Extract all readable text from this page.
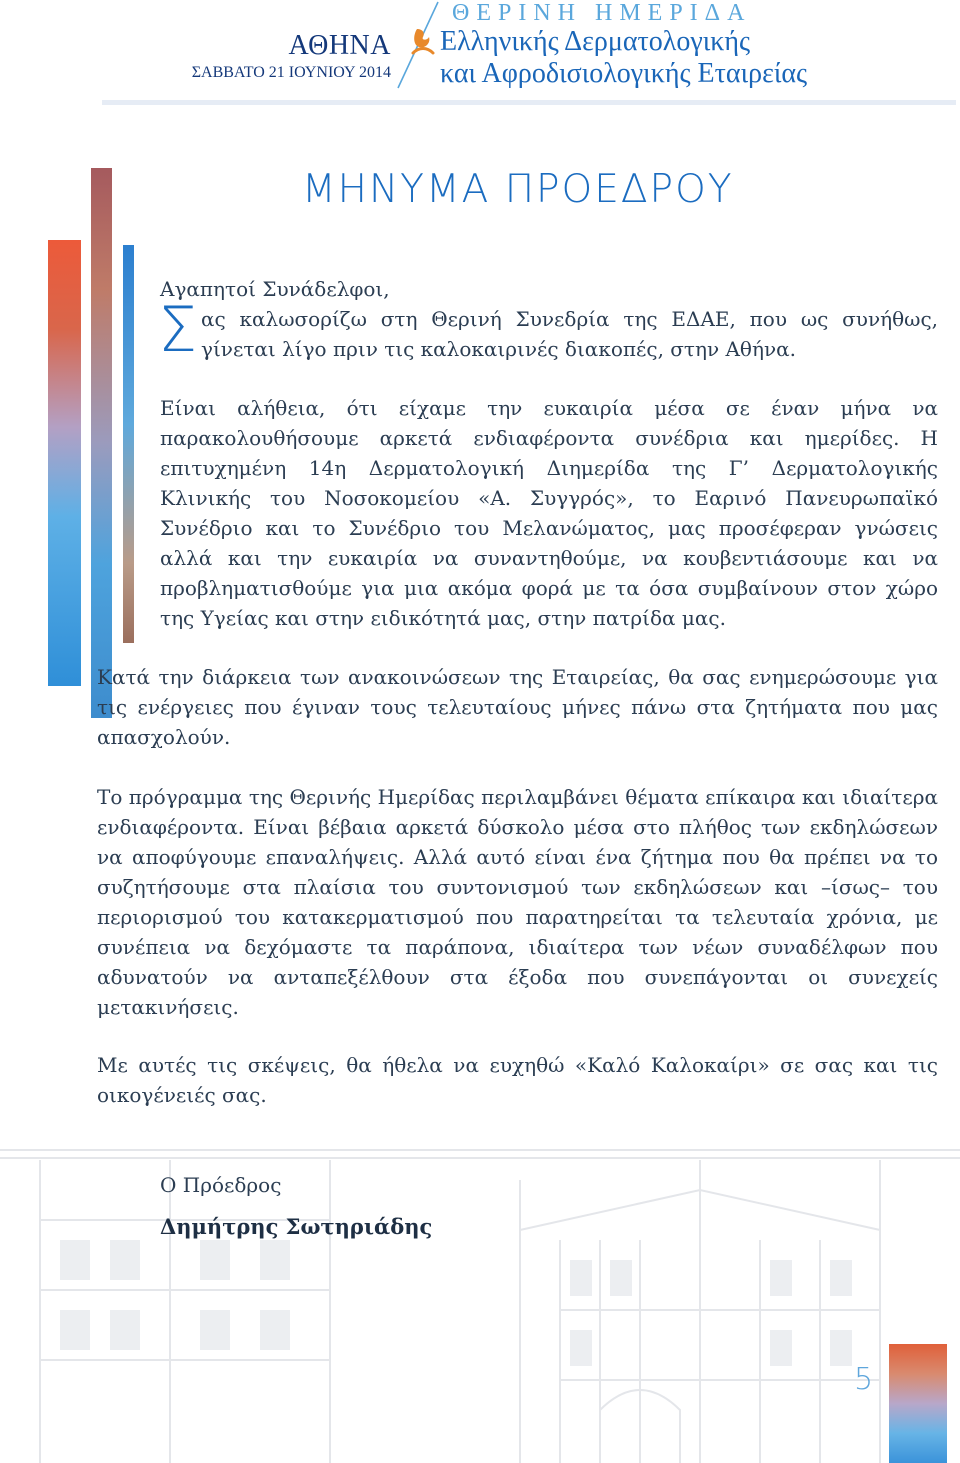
ΑΘΗΝΑ
ΣΑΒΒΑΤΟ 21 ΙΟΥΝΙΟΥ 2014
ΘΕΡΙΝΗ ΗΜΕΡΙΔΑ
Ελληνικής Δερματολογικής
και Αφροδισιολογικής Εταιρείας
ΜΗΝΥΜΑ ΠΡΟΕΔΡΟΥ
Αγαπητοί Συνάδελφοι,
Σ ας καλωσορίζω στη Θερινή Συνεδρία της ΕΔΑΕ, που ως συνήθως, γίνεται λίγο πριν τις καλοκαιρινές διακοπές, στην Αθήνα.
Είναι αλήθεια, ότι είχαμε την ευκαιρία μέσα σε έναν μήνα να παρακολουθήσουμε αρκετά ενδιαφέροντα συνέδρια και ημερίδες. Η επιτυχημένη 14η Δερματολογική Διημερίδα της Γ’ Δερματολογικής Κλινικής του Νοσοκομείου «Α. Συγγρός», το Εαρινό Πανευρωπαϊκό Συνέδριο και το Συνέδριο του Μελανώματος, μας προσέφεραν γνώσεις αλλά και την ευκαιρία να συναντηθούμε, να κουβεντιάσουμε και να προβληματισθούμε για μια ακόμα φορά με τα όσα συμβαίνουν στον χώρο της Υγείας και στην ειδικότητά μας, στην πατρίδα μας.
Κατά την διάρκεια των ανακοινώσεων της Εταιρείας, θα σας ενημερώσουμε για τις ενέργειες που έγιναν τους τελευταίους μήνες πάνω στα ζητήματα που μας απασχολούν.
Το πρόγραμμα της Θερινής Ημερίδας περιλαμβάνει θέματα επίκαιρα και ιδιαίτερα ενδιαφέροντα. Είναι βέβαια αρκετά δύσκολο μέσα στο πλήθος των εκδηλώσεων να αποφύγουμε επαναλήψεις. Αλλά αυτό είναι ένα ζήτημα που θα πρέπει να το συζητήσουμε στα πλαίσια του συντονισμού των εκδηλώσεων και –ίσως– του περιορισμού του κατακερματισμού που παρατηρείται τα τελευταία χρόνια, με συνέπεια να δεχόμαστε τα παράπονα, ιδιαίτερα των νέων συναδέλφων που αδυνατούν να ανταπεξέλθουν στα έξοδα που συνεπάγονται οι συνεχείς μετακινήσεις.
Με αυτές τις σκέψεις, θα ήθελα να ευχηθώ «Καλό Καλοκαίρι» σε σας και τις οικογένειές σας.
Ο Πρόεδρος
Δημήτρης Σωτηριάδης
5
